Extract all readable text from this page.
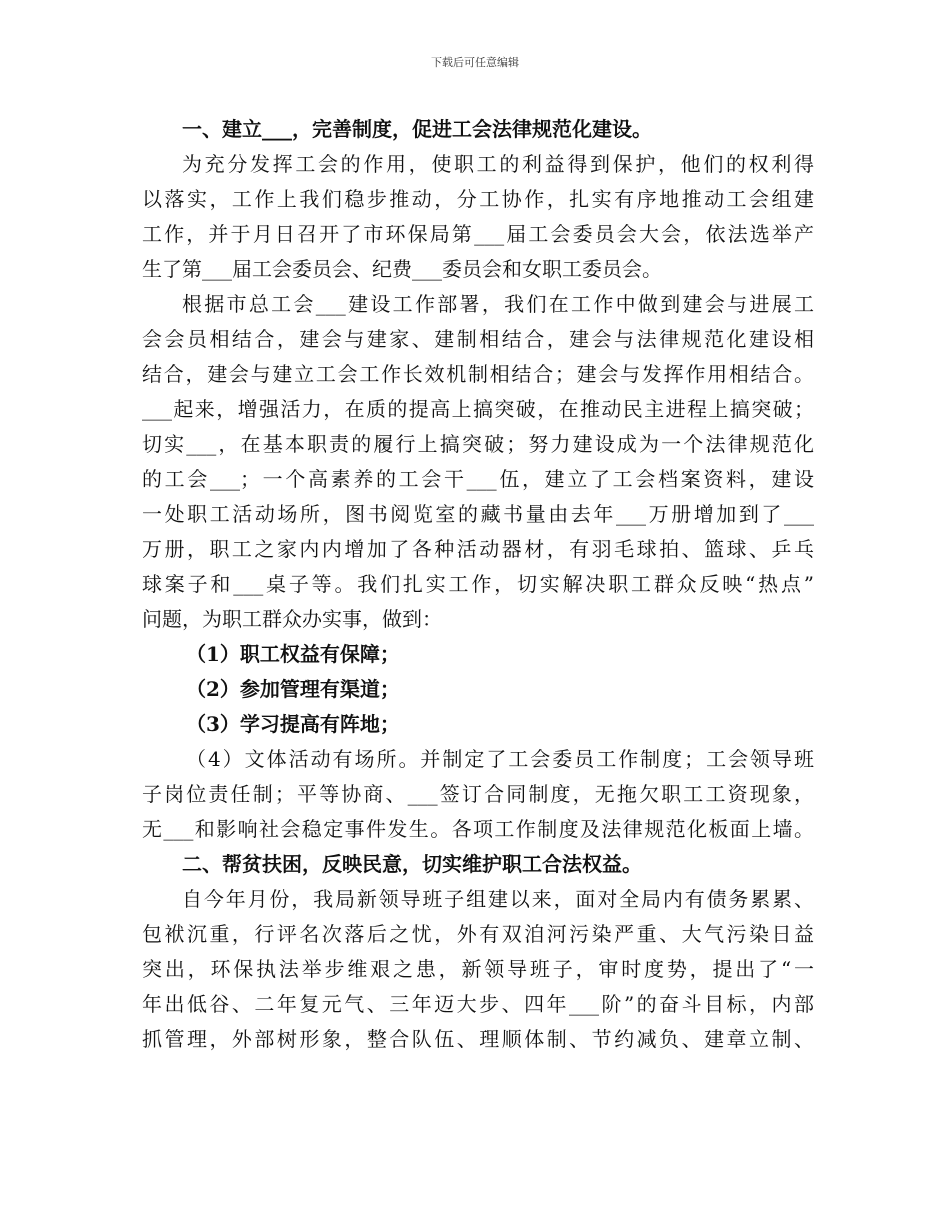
下载后可任意编辑
一、建立___，完善制度，促进工会法律规范化建设。
为充分发挥工会的作用，使职工的利益得到保护，他们的权利得
以落实，工作上我们稳步推动，分工协作，扎实有序地推动工会组建
工作，并于月日召开了市环保局第___届工会委员会大会，依法选举产
生了第___届工会委员会、纪费___委员会和女职工委员会。
根据市总工会___建设工作部署，我们在工作中做到建会与进展工
会会员相结合，建会与建家、建制相结合，建会与法律规范化建设相
结合，建会与建立工会工作长效机制相结合；建会与发挥作用相结合。
___起来，增强活力，在质的提高上搞突破，在推动民主进程上搞突破；
切实___，在基本职责的履行上搞突破；努力建设成为一个法律规范化
的工会___；一个高素养的工会干___伍，建立了工会档案资料，建设
一处职工活动场所，图书阅览室的藏书量由去年___万册增加到了___
万册，职工之家内内增加了各种活动器材，有羽毛球拍、篮球、乒乓
球案子和___桌子等。我们扎实工作，切实解决职工群众反映“热点”
问题，为职工群众办实事，做到：
（1）职工权益有保障；
（2）参加管理有渠道；
（3）学习提高有阵地；
（4）文体活动有场所。并制定了工会委员工作制度；工会领导班
子岗位责任制；平等协商、___签订合同制度，无拖欠职工工资现象，
无___和影响社会稳定事件发生。各项工作制度及法律规范化板面上墙。
二、帮贫扶困，反映民意，切实维护职工合法权益。
自今年月份，我局新领导班子组建以来，面对全局内有债务累累、
包袱沉重，行评名次落后之忧，外有双洎河污染严重、大气污染日益
突出，环保执法举步维艰之患，新领导班子，审时度势，提出了“一
年出低谷、二年复元气、三年迈大步、四年___阶”的奋斗目标，内部
抓管理，外部树形象，整合队伍、理顺体制、节约减负、建章立制、
